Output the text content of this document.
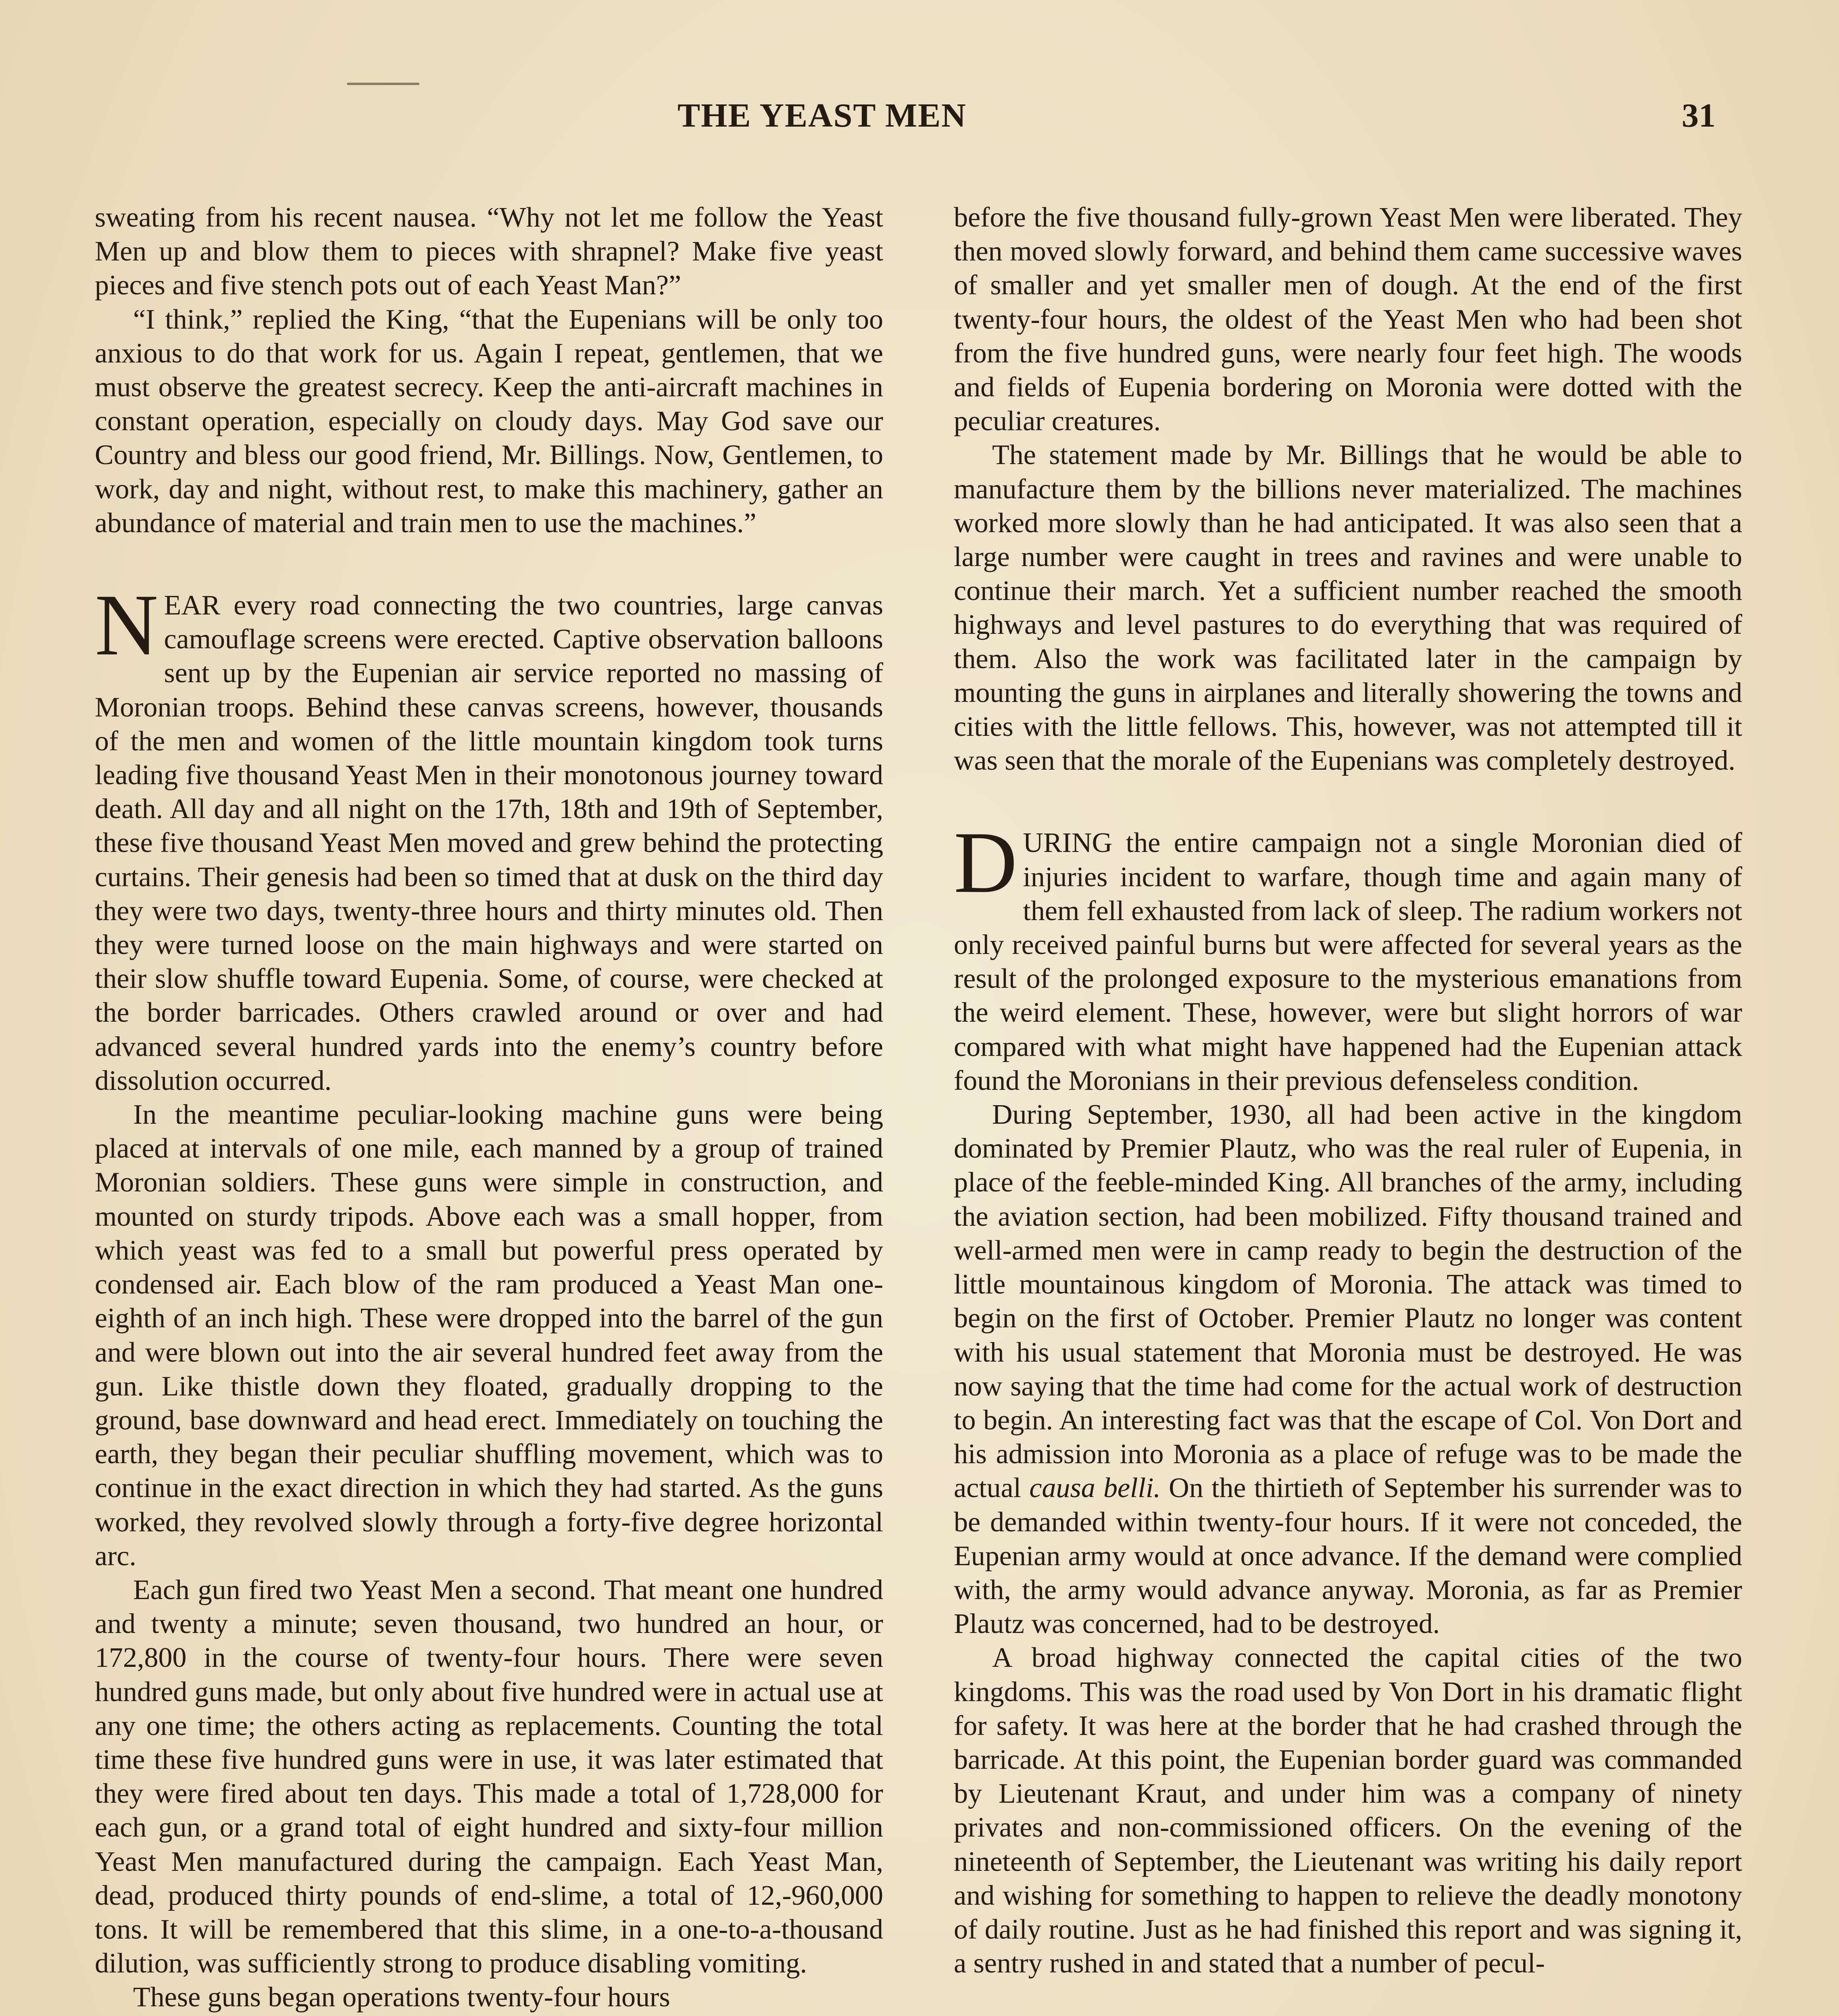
THE YEAST MEN	31

sweating from his recent nausea. “Why not let me follow the Yeast Men up and blow them to pieces with shrapnel? Make five yeast pieces and five stench pots out of each Yeast Man?”

“I think,” replied the King, “that the Eupenians will be only too anxious to do that work for us. Again I repeat, gentlemen, that we must observe the greatest secrecy. Keep the anti-aircraft machines in constant operation, especially on cloudy days. May God save our Country and bless our good friend, Mr. Billings. Now, Gentlemen, to work, day and night, without rest, to make this machinery, gather an abundance of material and train men to use the machines.”

NEAR every road connecting the two countries, large canvas camouflage screens were erected. Captive observation balloons sent up by the Eupenian air service reported no massing of Moronian troops. Behind these canvas screens, however, thousands of the men and women of the little mountain kingdom took turns leading five thousand Yeast Men in their monotonous journey toward death. All day and all night on the 17th, 18th and 19th of September, these five thousand Yeast Men moved and grew behind the protecting curtains. Their genesis had been so timed that at dusk on the third day they were two days, twenty-three hours and thirty minutes old. Then they were turned loose on the main highways and were started on their slow shuffle toward Eupenia. Some, of course, were checked at the border barricades. Others crawled around or over and had advanced several hundred yards into the enemy’s country before dissolution occurred.

In the meantime peculiar-looking machine guns were being placed at intervals of one mile, each manned by a group of trained Moronian soldiers. These guns were simple in construction, and mounted on sturdy tripods. Above each was a small hopper, from which yeast was fed to a small but powerful press operated by condensed air. Each blow of the ram produced a Yeast Man one-eighth of an inch high. These were dropped into the barrel of the gun and were blown out into the air several hundred feet away from the gun. Like thistle down they floated, gradually dropping to the ground, base downward and head erect. Immediately on touching the earth, they began their peculiar shuffling movement, which was to continue in the exact direction in which they had started. As the guns worked, they revolved slowly through a forty-five degree horizontal arc.

Each gun fired two Yeast Men a second. That meant one hundred and twenty a minute; seven thousand, two hundred an hour, or 172,800 in the course of twenty-four hours. There were seven hundred guns made, but only about five hundred were in actual use at any one time; the others acting as replacements. Counting the total time these five hundred guns were in use, it was later estimated that they were fired about ten days. This made a total of 1,728,000 for each gun, or a grand total of eight hundred and sixty-four million Yeast Men manufactured during the campaign. Each Yeast Man, dead, produced thirty pounds of end-slime, a total of 12,-960,000 tons. It will be remembered that this slime, in a one-to-a-thousand dilution, was sufficiently strong to produce disabling vomiting.

These guns began operations twenty-four hours

before the five thousand fully-grown Yeast Men were liberated. They then moved slowly forward, and behind them came successive waves of smaller and yet smaller men of dough. At the end of the first twenty-four hours, the oldest of the Yeast Men who had been shot from the five hundred guns, were nearly four feet high. The woods and fields of Eupenia bordering on Moronia were dotted with the peculiar creatures.

The statement made by Mr. Billings that he would be able to manufacture them by the billions never materialized. The machines worked more slowly than he had anticipated. It was also seen that a large number were caught in trees and ravines and were unable to continue their march. Yet a sufficient number reached the smooth highways and level pastures to do everything that was required of them. Also the work was facilitated later in the campaign by mounting the guns in airplanes and literally showering the towns and cities with the little fellows. This, however, was not attempted till it was seen that the morale of the Eupenians was completely destroyed.

DURING the entire campaign not a single Moronian died of injuries incident to warfare, though time and again many of them fell exhausted from lack of sleep. The radium workers not only received painful burns but were affected for several years as the result of the prolonged exposure to the mysterious emanations from the weird element. These, however, were but slight horrors of war compared with what might have happened had the Eupenian attack found the Moronians in their previous defenseless condition.

During September, 1930, all had been active in the kingdom dominated by Premier Plautz, who was the real ruler of Eupenia, in place of the feeble-minded King. All branches of the army, including the aviation section, had been mobilized. Fifty thousand trained and well-armed men were in camp ready to begin the destruction of the little mountainous kingdom of Moronia. The attack was timed to begin on the first of October. Premier Plautz no longer was content with his usual statement that Moronia must be destroyed. He was now saying that the time had come for the actual work of destruction to begin. An interesting fact was that the escape of Col. Von Dort and his admission into Moronia as a place of refuge was to be made the actual causa belli. On the thirtieth of September his surrender was to be demanded within twenty-four hours. If it were not conceded, the Eupenian army would at once advance. If the demand were complied with, the army would advance anyway. Moronia, as far as Premier Plautz was concerned, had to be destroyed.

A broad highway connected the capital cities of the two kingdoms. This was the road used by Von Dort in his dramatic flight for safety. It was here at the border that he had crashed through the barricade. At this point, the Eupenian border guard was commanded by Lieutenant Kraut, and under him was a company of ninety privates and non-commissioned officers. On the evening of the nineteenth of September, the Lieutenant was writing his daily report and wishing for something to happen to relieve the deadly monotony of daily routine. Just as he had finished this report and was signing it, a sentry rushed in and stated that a number of pecul-
